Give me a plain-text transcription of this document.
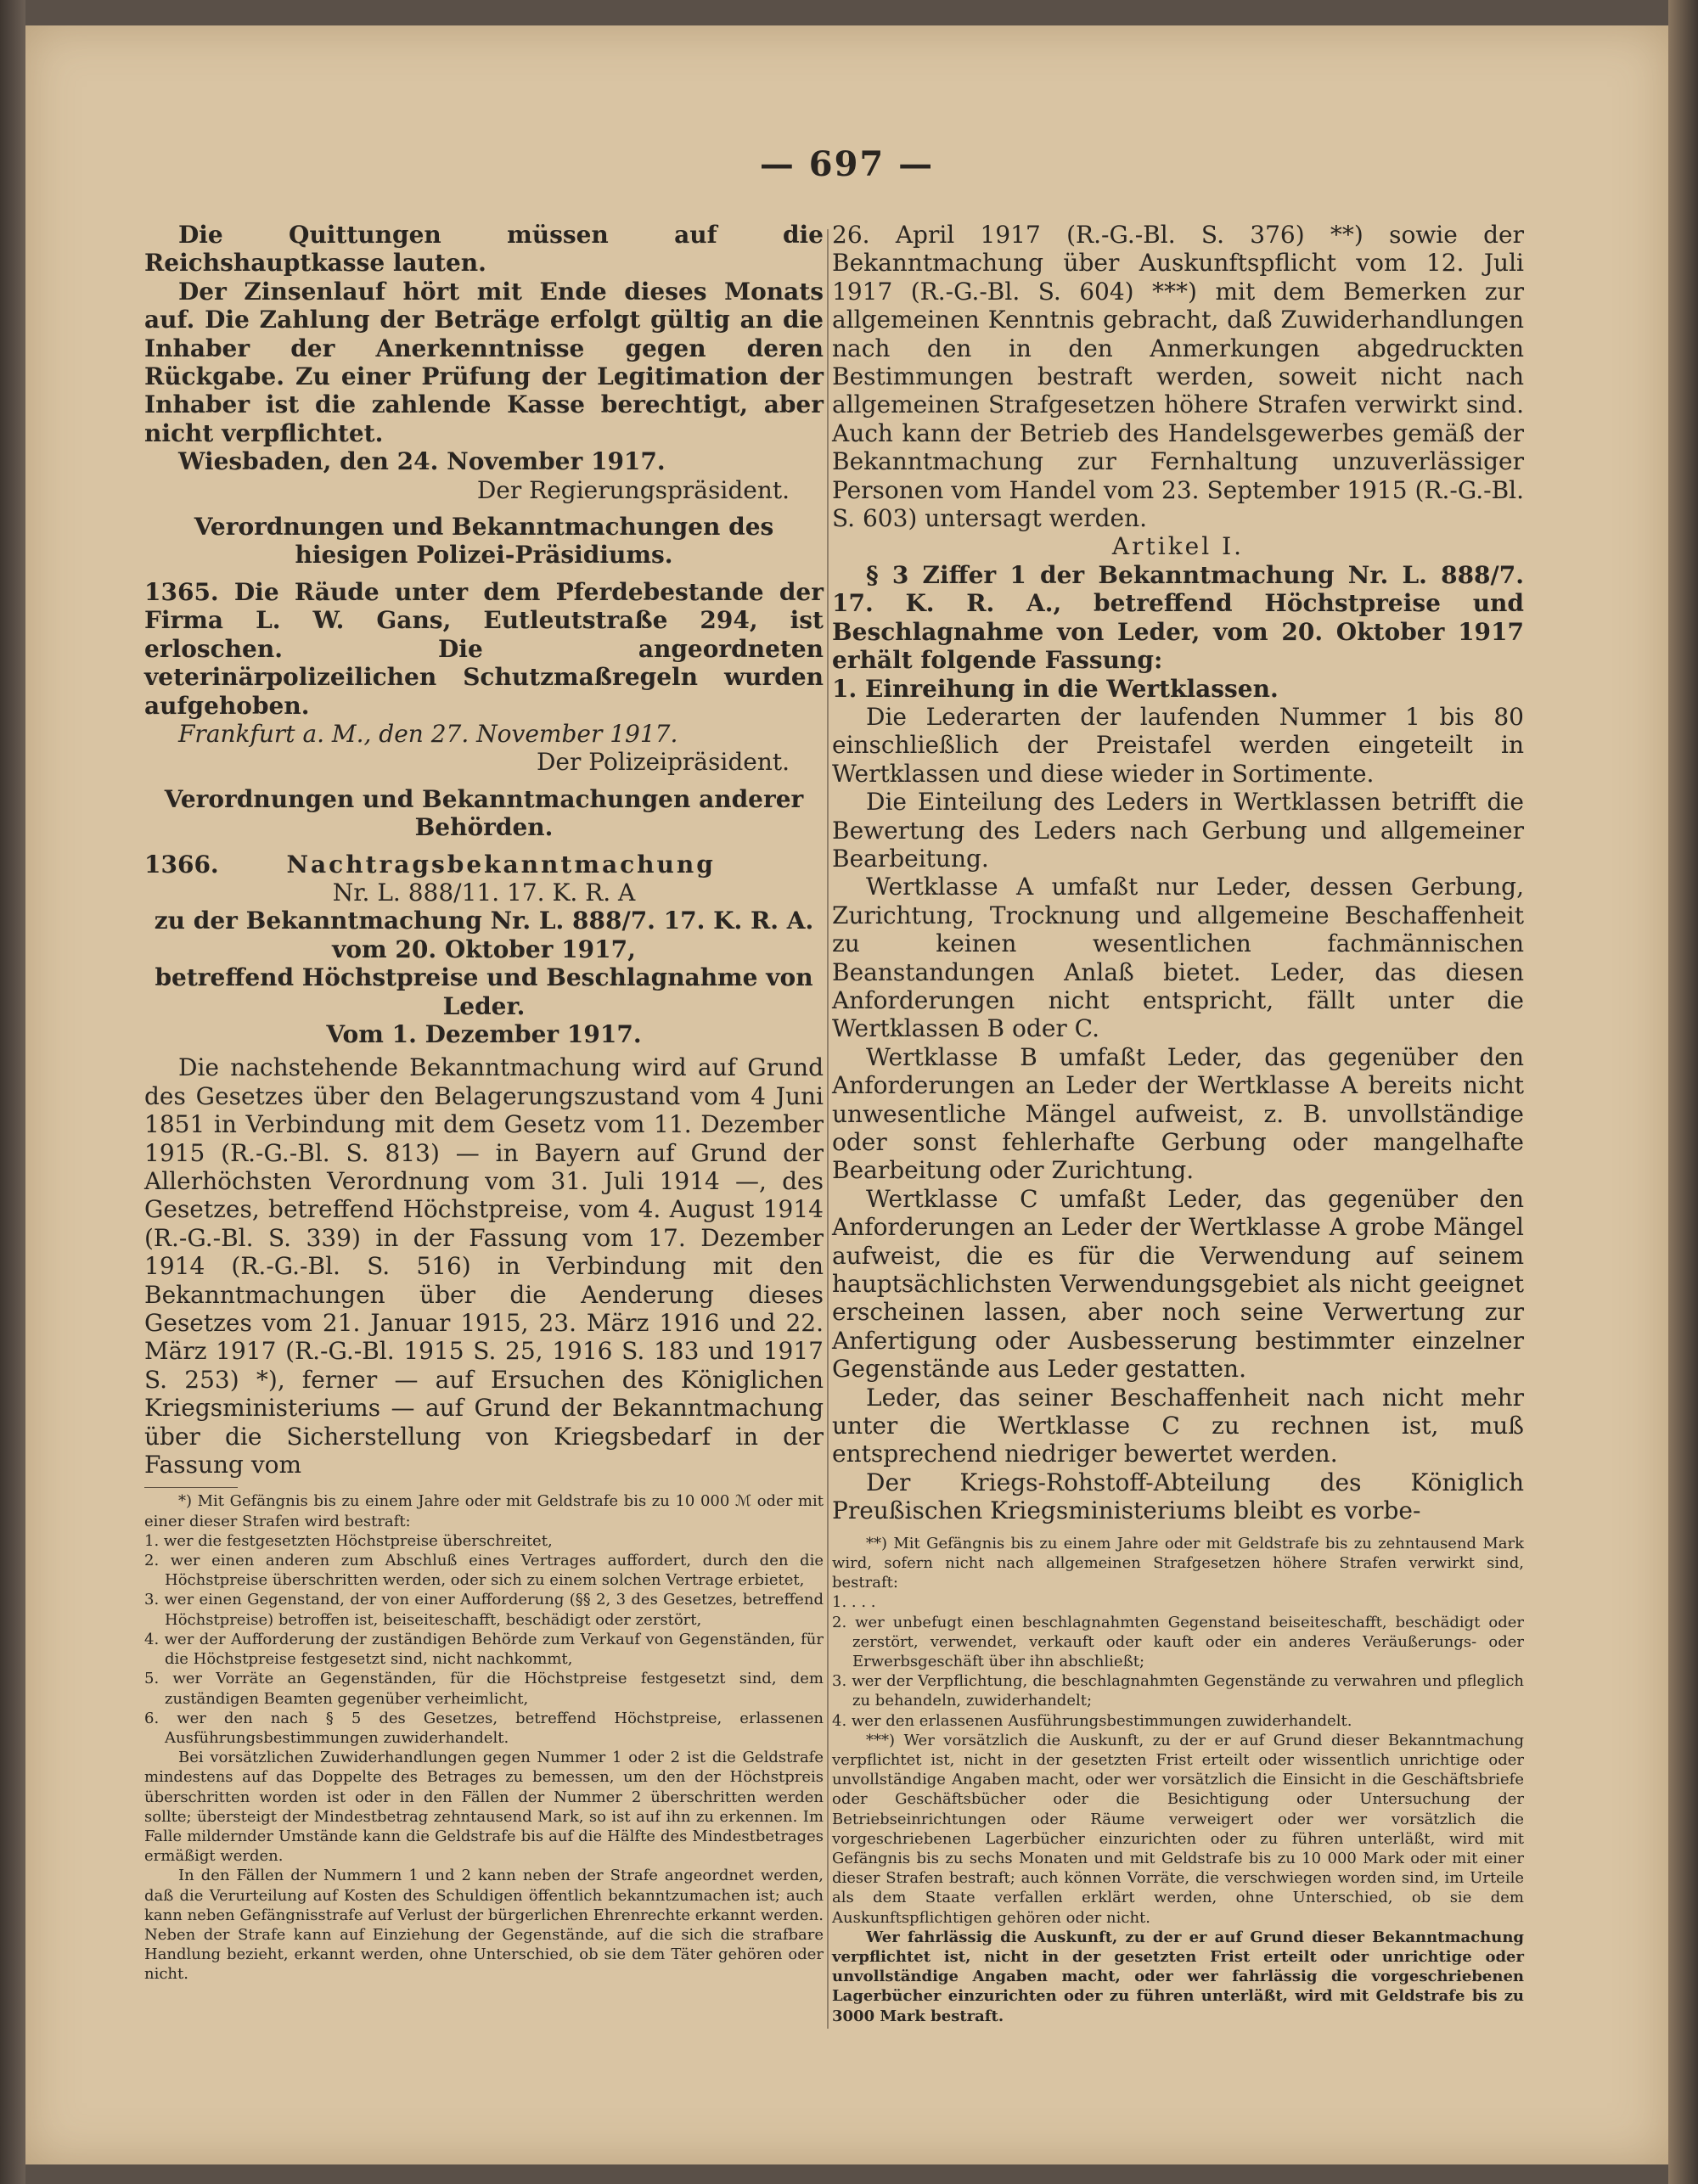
— 697 —

Die Quittungen müssen auf die Reichshauptkasse lauten.

Der Zinsenlauf hört mit Ende dieses Monats auf. Die Zahlung der Beträge erfolgt gültig an die Inhaber der Anerkenntnisse gegen deren Rückgabe. Zu einer Prüfung der Legitimation der Inhaber ist die zahlende Kasse berechtigt, aber nicht verpflichtet.

Wiesbaden, den 24. November 1917.

Der Regierungspräsident.

Verordnungen und Bekanntmachungen des hiesigen Polizei-Präsidiums.

1365. Die Räude unter dem Pferdebestande der Firma L. W. Gans, Eutleutstraße 294, ist erloschen. Die angeordneten veterinärpolizeilichen Schutzmaßregeln wurden aufgehoben.

Frankfurt a. M., den 27. November 1917.

Der Polizeipräsident.

Verordnungen und Bekanntmachungen anderer Behörden.

1366.	Nachtragsbekanntmachung

Nr. L. 888/11. 17. K. R. A

zu der Bekanntmachung Nr. L. 888/7. 17. K. R. A.

vom 20. Oktober 1917,

betreffend Höchstpreise und Beschlagnahme von Leder.

Vom 1. Dezember 1917.

Die nachstehende Bekanntmachung wird auf Grund des Gesetzes über den Belagerungszustand vom 4 Juni 1851 in Verbindung mit dem Gesetz vom 11. Dezember 1915 (R.-G.-Bl. S. 813) — in Bayern auf Grund der Allerhöchsten Verordnung vom 31. Juli 1914 —, des Gesetzes, betreffend Höchstpreise, vom 4. August 1914 (R.-G.-Bl. S. 339) in der Fassung vom 17. Dezember 1914 (R.-G.-Bl. S. 516) in Verbindung mit den Bekanntmachungen über die Aenderung dieses Gesetzes vom 21. Januar 1915, 23. März 1916 und 22. März 1917 (R.-G.-Bl. 1915 S. 25, 1916 S. 183 und 1917 S. 253) *), ferner — auf Ersuchen des Königlichen Kriegsministeriums — auf Grund der Bekanntmachung über die Sicherstellung von Kriegsbedarf in der Fassung vom

*) Mit Gefängnis bis zu einem Jahre oder mit Geldstrafe bis zu 10 000 ℳ oder mit einer dieser Strafen wird bestraft:

1. wer die festgesetzten Höchstpreise überschreitet,

2. wer einen anderen zum Abschluß eines Vertrages auffordert, durch den die Höchstpreise überschritten werden, oder sich zu einem solchen Vertrage erbietet,

3. wer einen Gegenstand, der von einer Aufforderung (§§ 2, 3 des Gesetzes, betreffend Höchstpreise) betroffen ist, beiseiteschafft, beschädigt oder zerstört,

4. wer der Aufforderung der zuständigen Behörde zum Verkauf von Gegenständen, für die Höchstpreise festgesetzt sind, nicht nachkommt,

5. wer Vorräte an Gegenständen, für die Höchstpreise festgesetzt sind, dem zuständigen Beamten gegenüber verheimlicht,

6. wer den nach § 5 des Gesetzes, betreffend Höchstpreise, erlassenen Ausführungsbestimmungen zuwiderhandelt.

Bei vorsätzlichen Zuwiderhandlungen gegen Nummer 1 oder 2 ist die Geldstrafe mindestens auf das Doppelte des Betrages zu bemessen, um den der Höchstpreis überschritten worden ist oder in den Fällen der Nummer 2 überschritten werden sollte; übersteigt der Mindestbetrag zehntausend Mark, so ist auf ihn zu erkennen. Im Falle mildernder Umstände kann die Geldstrafe bis auf die Hälfte des Mindestbetrages ermäßigt werden.

In den Fällen der Nummern 1 und 2 kann neben der Strafe angeordnet werden, daß die Verurteilung auf Kosten des Schuldigen öffentlich bekanntzumachen ist; auch kann neben Gefängnisstrafe auf Verlust der bürgerlichen Ehrenrechte erkannt werden. Neben der Strafe kann auf Einziehung der Gegenstände, auf die sich die strafbare Handlung bezieht, erkannt werden, ohne Unterschied, ob sie dem Täter gehören oder nicht.

26. April 1917 (R.-G.-Bl. S. 376) **) sowie der Bekanntmachung über Auskunftspflicht vom 12. Juli 1917 (R.-G.-Bl. S. 604) ***) mit dem Bemerken zur allgemeinen Kenntnis gebracht, daß Zuwiderhandlungen nach den in den Anmerkungen abgedruckten Bestimmungen bestraft werden, soweit nicht nach allgemeinen Strafgesetzen höhere Strafen verwirkt sind. Auch kann der Betrieb des Handelsgewerbes gemäß der Bekanntmachung zur Fernhaltung unzuverlässiger Personen vom Handel vom 23. September 1915 (R.-G.-Bl. S. 603) untersagt werden.

Artikel I.

§ 3 Ziffer 1 der Bekanntmachung Nr. L. 888/7. 17. K. R. A., betreffend Höchstpreise und Beschlagnahme von Leder, vom 20. Oktober 1917 erhält folgende Fassung:

1. Einreihung in die Wertklassen.

Die Lederarten der laufenden Nummer 1 bis 80 einschließlich der Preistafel werden eingeteilt in Wertklassen und diese wieder in Sortimente.

Die Einteilung des Leders in Wertklassen betrifft die Bewertung des Leders nach Gerbung und allgemeiner Bearbeitung.

Wertklasse A umfaßt nur Leder, dessen Gerbung, Zurichtung, Trocknung und allgemeine Beschaffenheit zu keinen wesentlichen fachmännischen Beanstandungen Anlaß bietet. Leder, das diesen Anforderungen nicht entspricht, fällt unter die Wertklassen B oder C.

Wertklasse B umfaßt Leder, das gegenüber den Anforderungen an Leder der Wertklasse A bereits nicht unwesentliche Mängel aufweist, z. B. unvollständige oder sonst fehlerhafte Gerbung oder mangelhafte Bearbeitung oder Zurichtung.

Wertklasse C umfaßt Leder, das gegenüber den Anforderungen an Leder der Wertklasse A grobe Mängel aufweist, die es für die Verwendung auf seinem hauptsächlichsten Verwendungsgebiet als nicht geeignet erscheinen lassen, aber noch seine Verwertung zur Anfertigung oder Ausbesserung bestimmter einzelner Gegenstände aus Leder gestatten.

Leder, das seiner Beschaffenheit nach nicht mehr unter die Wertklasse C zu rechnen ist, muß entsprechend niedriger bewertet werden.

Der Kriegs-Rohstoff-Abteilung des Königlich Preußischen Kriegsministeriums bleibt es vorbe-

**) Mit Gefängnis bis zu einem Jahre oder mit Geldstrafe bis zu zehntausend Mark wird, sofern nicht nach allgemeinen Strafgesetzen höhere Strafen verwirkt sind, bestraft:

1. . . .

2. wer unbefugt einen beschlagnahmten Gegenstand beiseiteschafft, beschädigt oder zerstört, verwendet, verkauft oder kauft oder ein anderes Veräußerungs- oder Erwerbsgeschäft über ihn abschließt;

3. wer der Verpflichtung, die beschlagnahmten Gegenstände zu verwahren und pfleglich zu behandeln, zuwiderhandelt;

4. wer den erlassenen Ausführungsbestimmungen zuwiderhandelt.

***) Wer vorsätzlich die Auskunft, zu der er auf Grund dieser Bekanntmachung verpflichtet ist, nicht in der gesetzten Frist erteilt oder wissentlich unrichtige oder unvollständige Angaben macht, oder wer vorsätzlich die Einsicht in die Geschäftsbriefe oder Geschäftsbücher oder die Besichtigung oder Untersuchung der Betriebseinrichtungen oder Räume verweigert oder wer vorsätzlich die vorgeschriebenen Lagerbücher einzurichten oder zu führen unterläßt, wird mit Gefängnis bis zu sechs Monaten und mit Geldstrafe bis zu 10 000 Mark oder mit einer dieser Strafen bestraft; auch können Vorräte, die verschwiegen worden sind, im Urteile als dem Staate verfallen erklärt werden, ohne Unterschied, ob sie dem Auskunftspflichtigen gehören oder nicht.

Wer fahrlässig die Auskunft, zu der er auf Grund dieser Bekanntmachung verpflichtet ist, nicht in der gesetzten Frist erteilt oder unrichtige oder unvollständige Angaben macht, oder wer fahrlässig die vorgeschriebenen Lagerbücher einzurichten oder zu führen unterläßt, wird mit Geldstrafe bis zu 3000 Mark bestraft.
